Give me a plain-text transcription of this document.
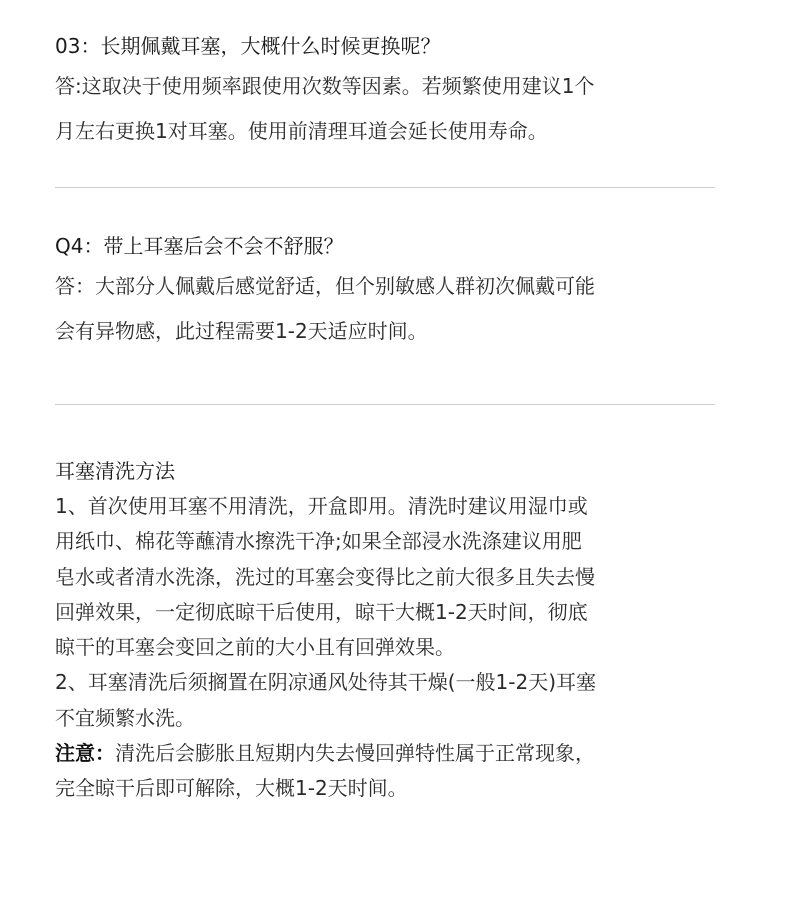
03：长期佩戴耳塞，大概什么时候更换呢？

答:这取决于使用频率跟使用次数等因素。若频繁使用建议1个
月左右更换1对耳塞。使用前清理耳道会延长使用寿命。

Q4：带上耳塞后会不会不舒服？

答：大部分人佩戴后感觉舒适，但个别敏感人群初次佩戴可能
会有异物感，此过程需要1-2天适应时间。

耳塞清洗方法

1、首次使用耳塞不用清洗，开盒即用。清洗时建议用湿巾或
用纸巾、棉花等蘸清水擦洗干净;如果全部浸水洗涤建议用肥
皂水或者清水洗涤，洗过的耳塞会变得比之前大很多且失去慢
回弹效果，一定彻底晾干后使用，晾干大概1-2天时间，彻底
晾干的耳塞会变回之前的大小且有回弹效果。
2、耳塞清洗后须搁置在阴凉通风处待其干燥(一般1-2天)耳塞
不宜频繁水洗。
注意：清洗后会膨胀且短期内失去慢回弹特性属于正常现象，
完全晾干后即可解除，大概1-2天时间。
